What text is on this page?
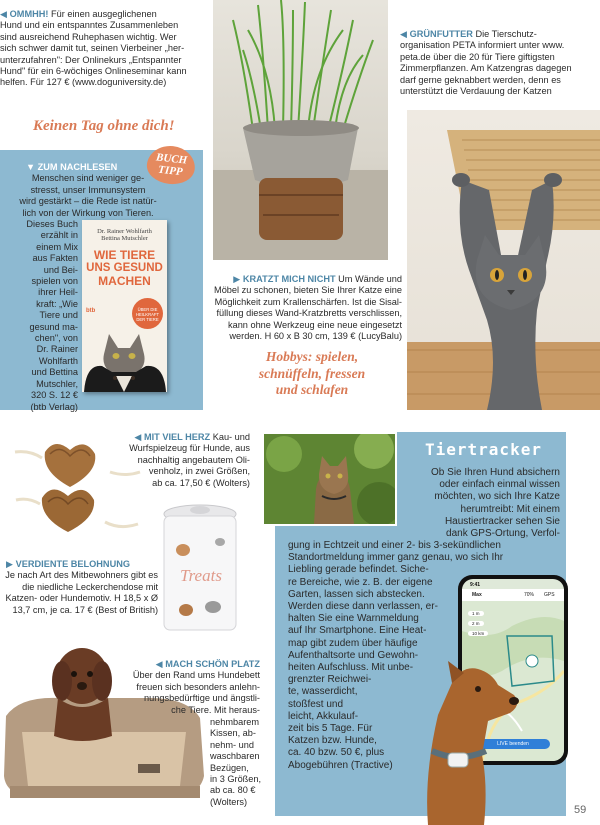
◀ OMMHH! Für einen ausgeglichenen
Hund und ein entspanntes Zusammenleben
sind ausreichend Ruhephasen wichtig. Wer
sich schwer damit tut, seinen Vierbeiner „her-
unterzufahren": Der Onlinekurs „Entspannter
Hund" für ein 6-wöchiges Onlineseminar kann
helfen. Für 127 € (www.doguniversity.de)
Keinen Tag ohne dich!
BUCH
TIPP
▼ ZUM NACHLESEN
Menschen sind weniger ge-
stresst, unser Immunsystem
wird gestärkt – die Rede ist natür-
lich von der Wirkung von Tieren.
Dr. Rainer Wohlfarth
Bettina Mutschler
WIE TIERE
UNS GESUND
MACHEN
ÜBER DIE
HEILKRAFT
DER TIERE
btb
Dieses Buch
erzählt in
einem Mix
aus Fakten
und Bei-
spielen von
ihrer Heil-
kraft: „Wie
Tiere und
gesund ma-
chen", von
Dr. Rainer
Wohlfarth
und Bettina
Mutschler,
320 S. 12 €
(btb Verlag)
◀ GRÜNFUTTER Die Tierschutz-
organisation PETA informiert unter www.
peta.de über die 20 für Tiere giftigsten
Zimmerpflanzen. Am Katzengras dagegen
darf gerne geknabbert werden, denn es
unterstützt die Verdauung der Katzen
▶ KRATZT MICH NICHT Um Wände und
Möbel zu schonen, bieten Sie Ihrer Katze eine
Möglichkeit zum Krallenschärfen. Ist die Sisal-
füllung dieses Wand-Kratzbretts verschlissen,
kann ohne Werkzeug eine neue eingesetzt
werden. H 60 x B 30 cm, 139 € (LucyBalu)
Hobbys: spielen,
schnüffeln, fressen
und schlafen
◀ MIT VIEL HERZ Kau- und
Wurfspielzeug für Hunde, aus
nachhaltig angebautem Oli-
venholz, in zwei Größen,
ab ca. 17,50 € (Wolters)
Treats
▶ VERDIENTE BELOHNUNG
Je nach Art des Mitbewohners gibt es
die niedliche Leckerchendose mit
Katzen- oder Hundemotiv. H 18,5 x Ø
13,7 cm, je ca. 17 € (Best of British)
◀ MACH SCHÖN PLATZ
Über den Rand ums Hundebett
freuen sich besonders anlehn-
nungsbedürftige und ängstli-
che Tiere. Mit heraus-
nehmbarem
Kissen, ab-
nehm- und
waschbaren
Bezügen,
in 3 Größen,
ab ca. 80 €
(Wolters)
Tiertracker
Ob Sie Ihren Hund absichern
oder einfach einmal wissen
möchten, wo sich Ihre Katze
herumtreibt: Mit einem
Haustiertracker sehen Sie
dank GPS-Ortung, Verfol-
gung in Echtzeit und einer 2- bis 3-sekündlichen
Standortmeldung immer ganz genau, wo sich Ihr
Liebling gerade befindet. Siche-
re Bereiche, wie z. B. der eigene
Garten, lassen sich abstecken.
Werden diese dann verlassen, er-
halten Sie eine Warnmeldung
auf Ihr Smartphone. Eine Heat-
map gibt zudem über häufige
Aufenthaltsorte und Gewohn-
heiten Aufschluss. Mit unbe-
grenzter Reichwei-
te, wasserdicht,
stoßfest und
leicht, Akkulauf-
zeit bis 5 Tage. Für
Katzen bzw. Hunde,
ca. 40 bzw. 50 €, plus
Abogebühren (Tractive)
9:41
Max	70% GPS
1 m
2 m
10 km
LIVE beenden
59
